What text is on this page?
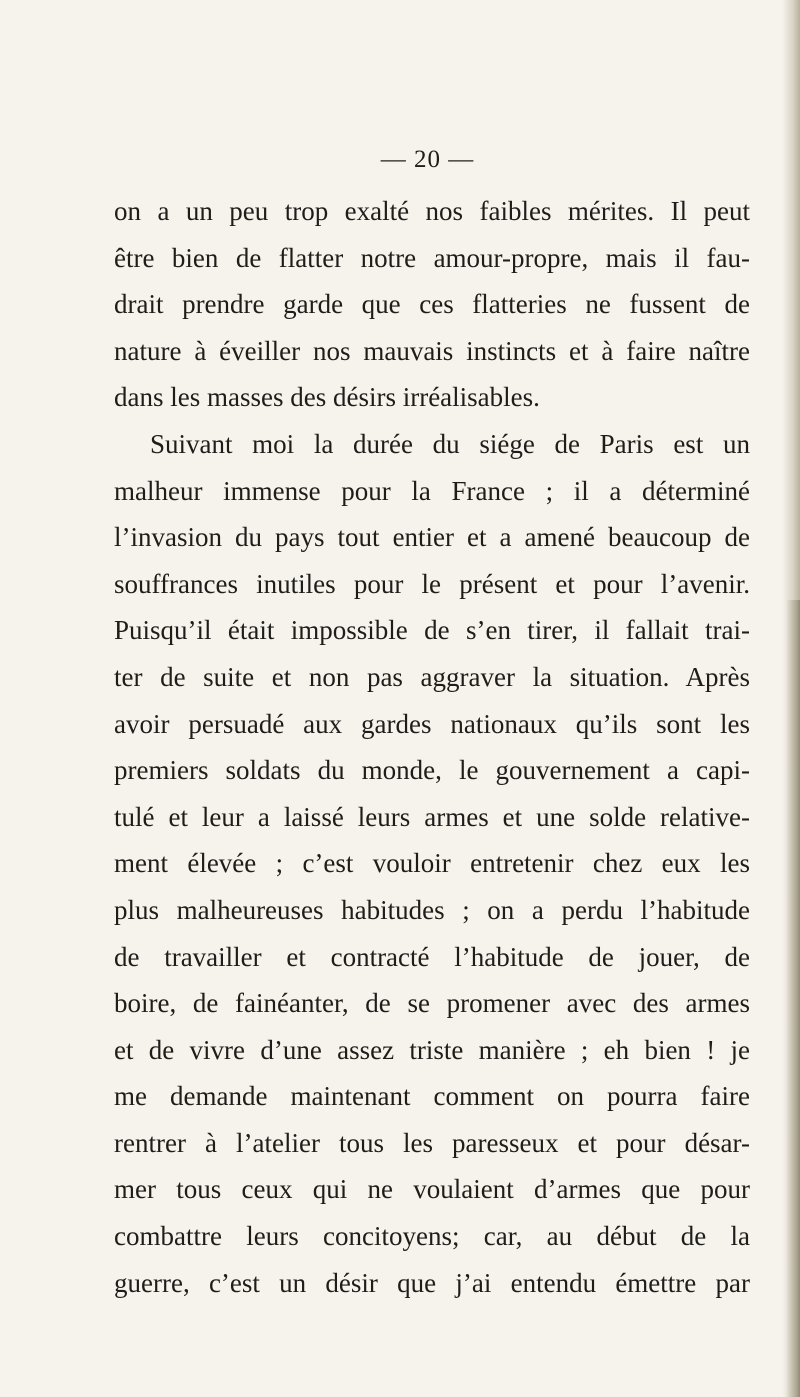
— 20 —
on a un peu trop exalté nos faibles mérites. Il peut
être bien de flatter notre amour-propre, mais il fau-
drait prendre garde que ces flatteries ne fussent de
nature à éveiller nos mauvais instincts et à faire naître
dans les masses des désirs irréalisables.
Suivant moi la durée du siége de Paris est un
malheur immense pour la France ; il a déterminé
l’invasion du pays tout entier et a amené beaucoup de
souffrances inutiles pour le présent et pour l’avenir.
Puisqu’il était impossible de s’en tirer, il fallait trai-
ter de suite et non pas aggraver la situation. Après
avoir persuadé aux gardes nationaux qu’ils sont les
premiers soldats du monde, le gouvernement a capi-
tulé et leur a laissé leurs armes et une solde relative-
ment élevée ; c’est vouloir entretenir chez eux les
plus malheureuses habitudes ; on a perdu l’habitude
de travailler et contracté l’habitude de jouer, de
boire, de fainéanter, de se promener avec des armes
et de vivre d’une assez triste manière ; eh bien ! je
me demande maintenant comment on pourra faire
rentrer à l’atelier tous les paresseux et pour désar-
mer tous ceux qui ne voulaient d’armes que pour
combattre leurs concitoyens; car, au début de la
guerre, c’est un désir que j’ai entendu émettre par
